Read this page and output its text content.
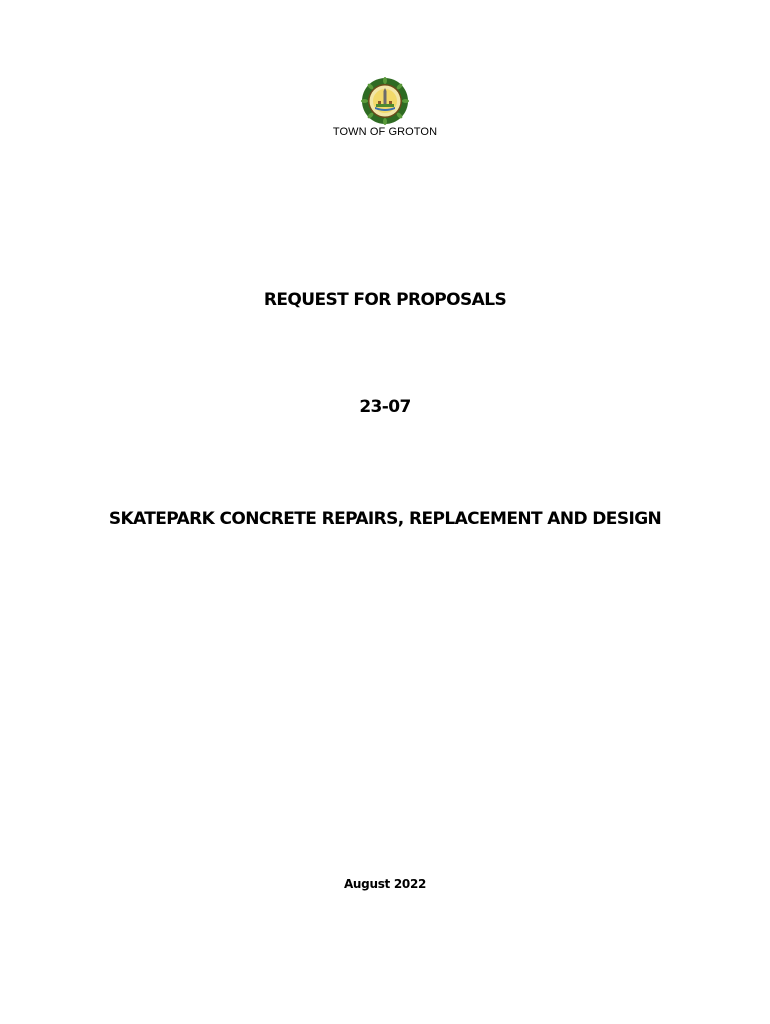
TOWN OF GROTON
REQUEST FOR PROPOSALS
23-07
SKATEPARK CONCRETE REPAIRS, REPLACEMENT AND DESIGN
August 2022
